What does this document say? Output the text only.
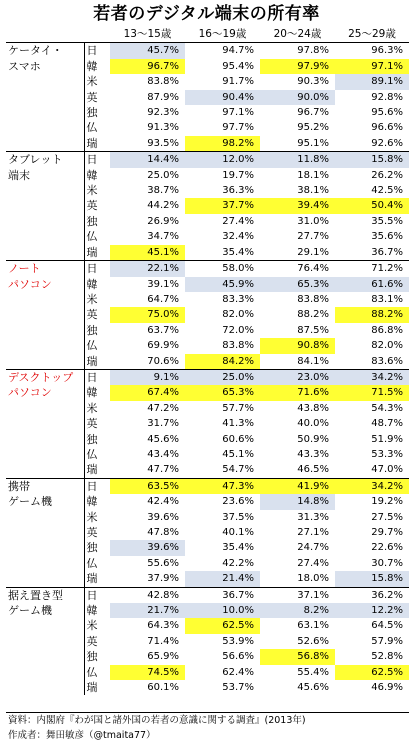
若者のデジタル端末の所有率
		13～15歳	16～19歳	20～24歳	25～29歳

ケータイ・
スマホ	日	45.7%	94.7%	97.8%	96.3%
	韓	96.7%	95.4%	97.9%	97.1%
	米	83.8%	91.7%	90.3%	89.1%
	英	87.9%	90.4%	90.0%	92.8%
	独	92.3%	97.1%	96.7%	95.6%
	仏	91.3%	97.7%	95.2%	96.6%
	瑞	93.5%	98.2%	95.1%	92.6%

タブレット
端末	日	14.4%	12.0%	11.8%	15.8%
	韓	25.0%	19.7%	18.1%	26.2%
	米	38.7%	36.3%	38.1%	42.5%
	英	44.2%	37.7%	39.4%	50.4%
	独	26.9%	27.4%	31.0%	35.5%
	仏	34.7%	32.4%	27.7%	35.6%
	瑞	45.1%	35.4%	29.1%	36.7%

ノート
パソコン	日	22.1%	58.0%	76.4%	71.2%
	韓	39.1%	45.9%	65.3%	61.6%
	米	64.7%	83.3%	83.8%	83.1%
	英	75.0%	82.0%	88.2%	88.2%
	独	63.7%	72.0%	87.5%	86.8%
	仏	69.9%	83.8%	90.8%	82.0%
	瑞	70.6%	84.2%	84.1%	83.6%

デスクトップ
パソコン	日	9.1%	25.0%	23.0%	34.2%
	韓	67.4%	65.3%	71.6%	71.5%
	米	47.2%	57.7%	43.8%	54.3%
	英	31.7%	41.3%	40.0%	48.7%
	独	45.6%	60.6%	50.9%	51.9%
	仏	43.4%	45.1%	43.3%	53.3%
	瑞	47.7%	54.7%	46.5%	47.0%

携帯
ゲーム機	日	63.5%	47.3%	41.9%	34.2%
	韓	42.4%	23.6%	14.8%	19.2%
	米	39.6%	37.5%	31.3%	27.5%
	英	47.8%	40.1%	27.1%	29.7%
	独	39.6%	35.4%	24.7%	22.6%
	仏	55.6%	42.2%	27.4%	30.7%
	瑞	37.9%	21.4%	18.0%	15.8%

据え置き型
ゲーム機	日	42.8%	36.7%	37.1%	36.2%
	韓	21.7%	10.0%	8.2%	12.2%
	米	64.3%	62.5%	63.1%	64.5%
	英	71.4%	53.9%	52.6%	57.9%
	独	65.9%	56.6%	56.8%	52.8%
	仏	74.5%	62.4%	55.4%	62.5%
	瑞	60.1%	53.7%	45.6%	46.9%
資料：内閣府『わが国と諸外国の若者の意識に関する調査』(2013年)
作成者：舞田敏彦（@tmaita77）
